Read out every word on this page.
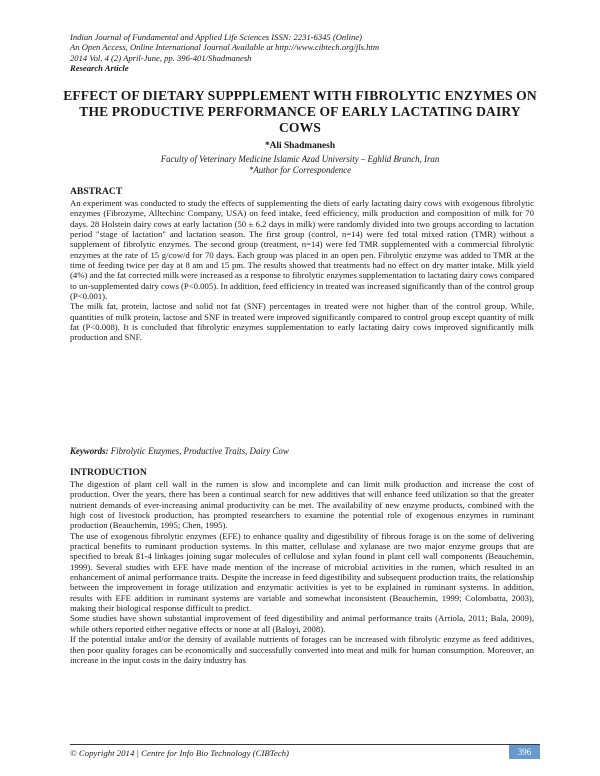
Indian Journal of Fundamental and Applied Life Sciences ISSN: 2231-6345 (Online)
An Open Access, Online International Journal Available at http://www.cibtech.org/jls.htm
2014 Vol. 4 (2) April-June, pp. 396-401/Shadmanesh
Research Article
EFFECT OF DIETARY SUPPPLEMENT WITH FIBROLYTIC ENZYMES ON THE PRODUCTIVE PERFORMANCE OF EARLY LACTATING DAIRY COWS
*Ali Shadmanesh
Faculty of Veterinary Medicine Islamic Azad University – Eghlid Branch, Iran
*Author for Correspondence
ABSTRACT

An experiment was conducted to study the effects of supplementing the diets of early lactating dairy cows with exogenous fibrolytic enzymes (Fibrozyme, Alltechinc Company, USA) on feed intake, feed efficiency, milk production and composition of milk for 70 days. 28 Holstein dairy cows at early lactation (50 ± 6.2 days in milk) were randomly divided into two groups according to lactation period "stage of lactation" and lactation season. The first group (control, n=14) were fed total mixed ration (TMR) without a supplement of fibrolytic enzymes. The second group (treatment, n=14) were fed TMR supplemented with a commercial fibrolytic enzymes at the rate of 15 g/cow/d for 70 days. Each group was placed in an open pen. Fibrolytic enzyme was added to TMR at the time of feeding twice per day at 8 am and 15 pm. The results showed that treatments had no effect on dry matter intake. Milk yield (4%) and the fat corrected milk were increased as a response to fibrolytic enzymes supplementation to lactating dairy cows compared to un-supplemented dairy cows (P<0.005). In addition, feed efficiency in treated was increased significantly than of the control group (P<0.001).

The milk fat, protein, lactose and solid not fat (SNF) percentages in treated were not higher than of the control group. While, quantities of milk protein, lactose and SNF in treated were improved significantly compared to control group except quantity of milk fat (P<0.008). It is concluded that fibrolytic enzymes supplementation to early lactating dairy cows improved significantly milk production and SNF.

Keywords: Fibrolytic Enzymes, Productive Traits, Dairy Cow
INTRODUCTION

The digestion of plant cell wall in the rumen is slow and incomplete and can limit milk production and increase the cost of production. Over the years, there has been a continual search for new additives that will enhance feed utilization so that the greater nutrient demands of ever-increasing animal productivity can be met. The availability of new enzyme products, combined with the high cost of livestock production, has prompted researchers to examine the potential role of exogenous enzymes in ruminant production (Beauchemin, 1995; Chen, 1995).

The use of exogenous fibrolytic enzymes (EFE) to enhance quality and digestibility of fibrous forage is on the some of delivering practical benefits to ruminant production systems. In this matter, cellulase and xylanase are two major enzyme groups that are specified to break ß1-4 linkages joining sugar molecules of cellulose and xylan found in plant cell wall components (Beauchemin, 1999). Several studies with EFE have made mention of the increase of microbial activities in the rumen, which resulted in an enhancement of animal performance traits. Despite the increase in feed digestibility and subsequent production traits, the relationship between the improvement in forage utilization and enzymatic activities is yet to be explained in ruminant systems. In addition, results with EFE addition in ruminant systems are variable and somewhat inconsistent (Beauchemin, 1999; Colombatta, 2003), making their biological response difficult to predict.

Some studies have shown substantial improvement of feed digestibility and animal performance traits (Arriola, 2011; Bala, 2009), while others reported either negative effects or none at all (Baloyi, 2008).

If the potential intake and/or the density of available nutrients of forages can be increased with fibrolytic enzyme as feed additives, then poor quality forages can be economically and successfully converted into meat and milk for human consumption. Moreover, an increase in the input costs in the dairy industry has

© Copyright 2014 | Centre for Info Bio Technology (CIBTech)	396
